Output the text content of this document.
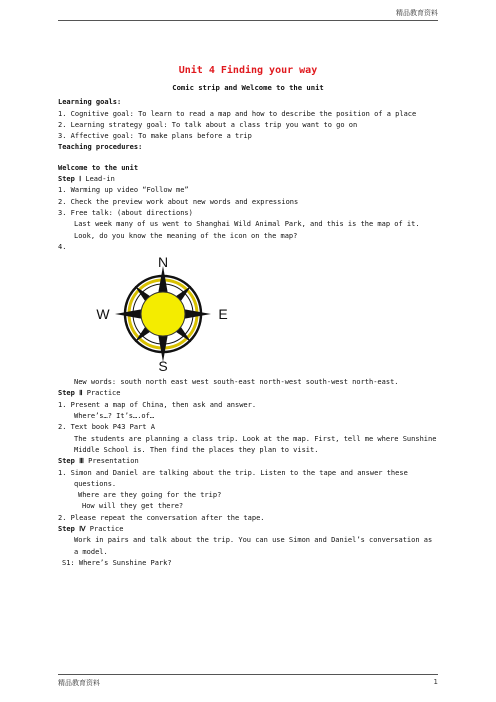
精品教育资料
Unit 4 Finding your way
Comic strip and Welcome to the unit
Learning goals:
1. Cognitive goal: To learn to read a map and how to describe the position of a place
2. Learning strategy goal: To talk about a class trip you want to go on
3. Affective goal: To make plans before a trip
Teaching procedures:
Welcome to the unit
Step Ⅰ Lead-in
1. Warming up video “Follow me”
2. Check the preview work about new words and expressions
3. Free talk: (about directions)
Last week many of us went to Shanghai Wild Animal Park, and this is the map of it. Look, do you know the meaning of the icon on the map?
4.
N
S
W	E
New words: south north east west south-east north-west south-west north-east.
Step Ⅱ Practice
1. Present a map of China, then ask and answer.
Where’s…? It’s….of…
2. Text book P43 Part A
The students are planning a class trip. Look at the map. First, tell me where Sunshine Middle School is. Then find the places they plan to visit.
Step Ⅲ Presentation
1. Simon and Daniel are talking about the trip. Listen to the tape and answer these questions.
Where are they going for the trip?
How will they get there?
2. Please repeat the conversation after the tape.
Step Ⅳ Practice
Work in pairs and talk about the trip. You can use Simon and Daniel’s conversation as a model.
S1: Where’s Sunshine Park?
精品教育资料	1
